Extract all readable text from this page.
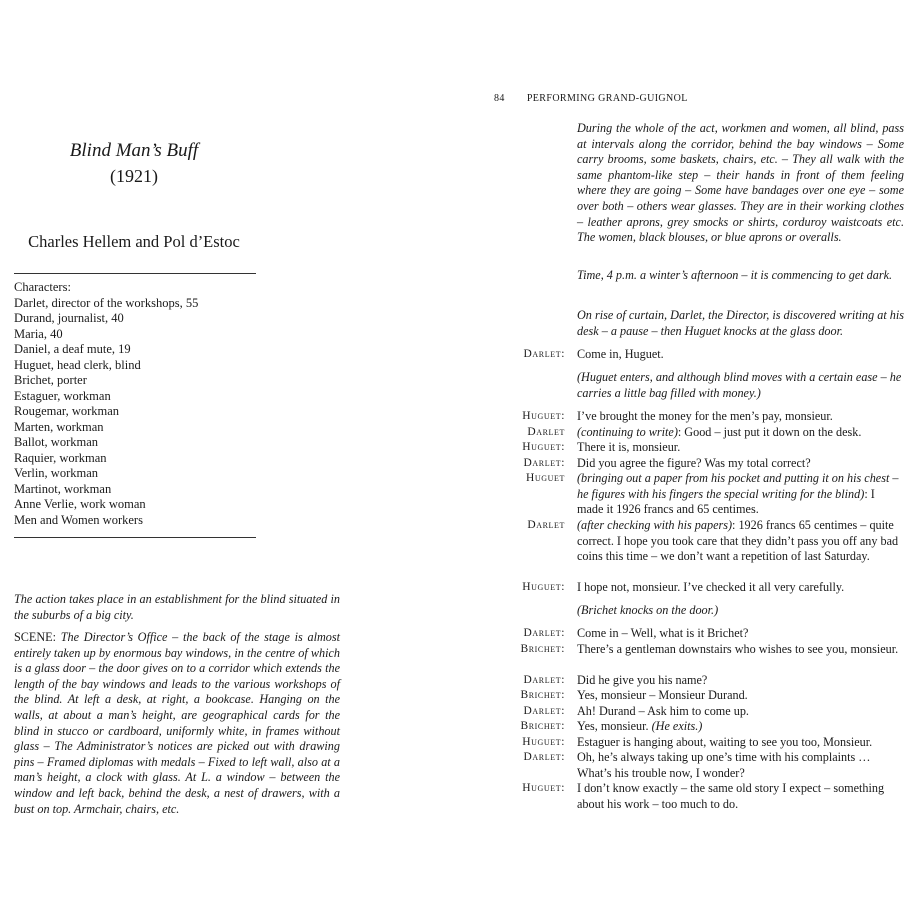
Blind Man’s Buff
(1921)
Charles Hellem and Pol d’Estoc
Characters:
Darlet, director of the workshops, 55
Durand, journalist, 40
Maria, 40
Daniel, a deaf mute, 19
Huguet, head clerk, blind
Brichet, porter
Estaguer, workman
Rougemar, workman
Marten, workman
Ballot, workman
Raquier, workman
Verlin, workman
Martinot, workman
Anne Verlie, work woman
Men and Women workers
The action takes place in an establishment for the blind situated in the suburbs of a big city.
SCENE: The Director’s Office – the back of the stage is almost entirely taken up by enormous bay windows, in the centre of which is a glass door – the door gives on to a corridor which extends the length of the bay windows and leads to the various workshops of the blind. At left a desk, at right, a bookcase. Hanging on the walls, at about a man’s height, are geographical cards for the blind in stucco or cardboard, uniformly white, in frames without glass – The Administrator’s notices are picked out with drawing pins – Framed diplomas with medals – Fixed to left wall, also at a man’s height, a clock with glass. At L. a window – between the window and left back, behind the desk, a nest of drawers, with a bust on top. Armchair, chairs, etc.
84 PERFORMING GRAND-GUIGNOL
During the whole of the act, workmen and women, all blind, pass at intervals along the corridor, behind the bay windows – Some carry brooms, some baskets, chairs, etc. – They all walk with the same phantom-like step – their hands in front of them feeling where they are going – Some have bandages over one eye – some over both – others wear glasses. They are in their working clothes – leather aprons, grey smocks or shirts, corduroy waistcoats etc. The women, black blouses, or blue aprons or overalls.
Time, 4 p.m. a winter’s afternoon – it is commencing to get dark.
On rise of curtain, Darlet, the Director, is discovered writing at his desk – a pause – then Huguet knocks at the glass door.
Darlet: Come in, Huguet.
(Huguet enters, and although blind moves with a certain ease – he carries a little bag filled with money.)
Huguet: I’ve brought the money for the men’s pay, monsieur.
Darlet (continuing to write): Good – just put it down on the desk.
Huguet: There it is, monsieur.
Darlet: Did you agree the figure? Was my total correct?
Huguet (bringing out a paper from his pocket and putting it on his chest – he figures with his fingers the special writing for the blind): I made it 1926 francs and 65 centimes.
Darlet (after checking with his papers): 1926 francs 65 centimes – quite correct. I hope you took care that they didn’t pass you off any bad coins this time – we don’t want a repetition of last Saturday.
Huguet: I hope not, monsieur. I’ve checked it all very carefully.
(Brichet knocks on the door.)
Darlet: Come in – Well, what is it Brichet?
Brichet: There’s a gentleman downstairs who wishes to see you, monsieur.
Darlet: Did he give you his name?
Brichet: Yes, monsieur – Monsieur Durand.
Darlet: Ah! Durand – Ask him to come up.
Brichet: Yes, monsieur. (He exits.)
Huguet: Estaguer is hanging about, waiting to see you too, Monsieur.
Darlet: Oh, he’s always taking up one’s time with his complaints … What’s his trouble now, I wonder?
Huguet: I don’t know exactly – the same old story I expect – something about his work – too much to do.
